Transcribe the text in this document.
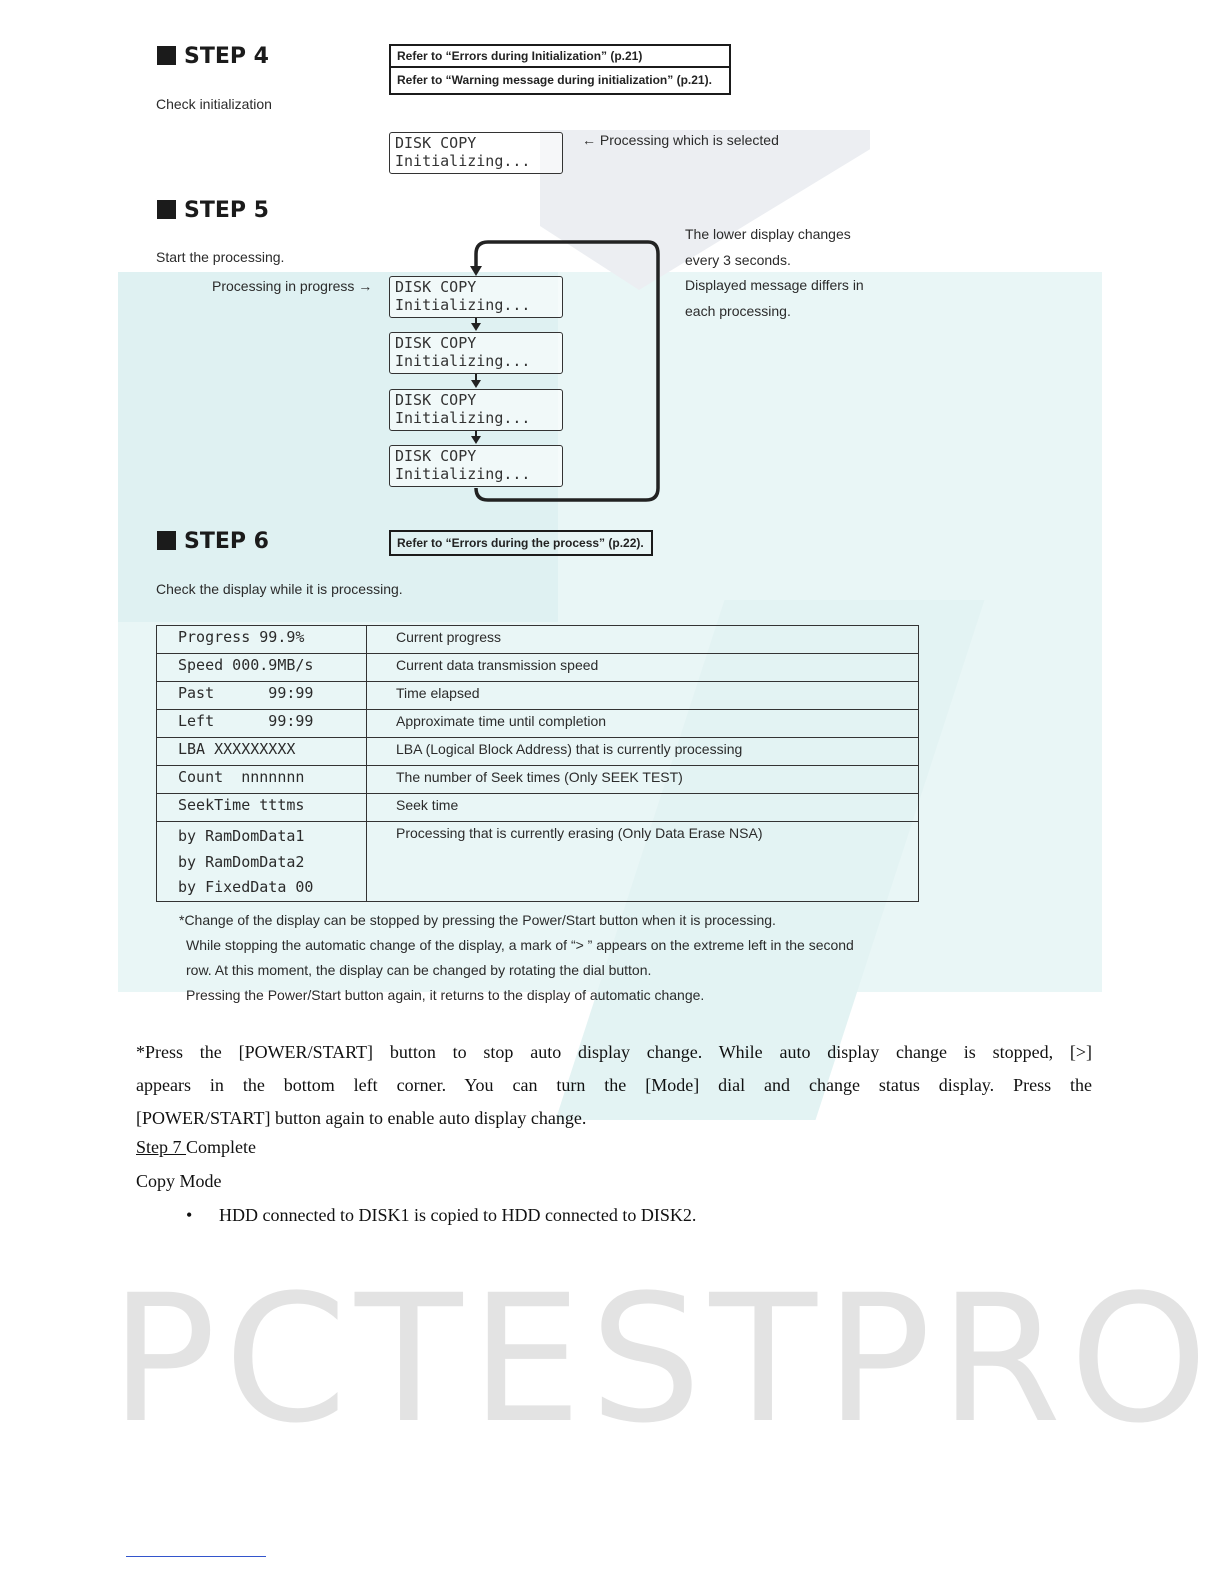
PCTESTPRO
STEP 4
Check initialization
Refer to “Errors during Initialization” (p.21)
Refer to “Warning message during initialization” (p.21).
DISK COPY
Initializing...
← Processing which is selected
STEP 5
Start the processing.
Processing in progress → DISK COPY
Initializing...
DISK COPY
Initializing...
DISK COPY
Initializing...
DISK COPY
Initializing...
The lower display changes
every 3 seconds.
Displayed message differs in
each processing.
STEP 6	Refer to “Errors during the process” (p.22).
Check the display while it is processing.
Progress 99.9%	Current progress
Speed 000.9MB/s	Current data transmission speed
Past      99:99	Time elapsed
Left      99:99	Approximate time until completion
LBA XXXXXXXXX	LBA (Logical Block Address) that is currently processing
Count  nnnnnnn	The number of Seek times (Only SEEK TEST)
SeekTime tttms	Seek time

by RamDomData1
by RamDomData2
by FixedData 00	Processing that is currently erasing (Only Data Erase NSA)
*Change of the display can be stopped by pressing the Power/Start button when it is processing.
While stopping the automatic change of the display, a mark of “> ” appears on the extreme left in the second
row. At this moment, the display can be changed by rotating the dial button.
Pressing the Power/Start button again, it returns to the display of automatic change.
*Press the [POWER/START] button to stop auto display change. While auto display change is stopped, [>]
appears in the bottom left corner. You can turn the [Mode] dial and change status display. Press the
[POWER/START] button again to enable auto display change.
Step 7 Complete
Copy Mode
• HDD connected to DISK1 is copied to HDD connected to DISK2.
